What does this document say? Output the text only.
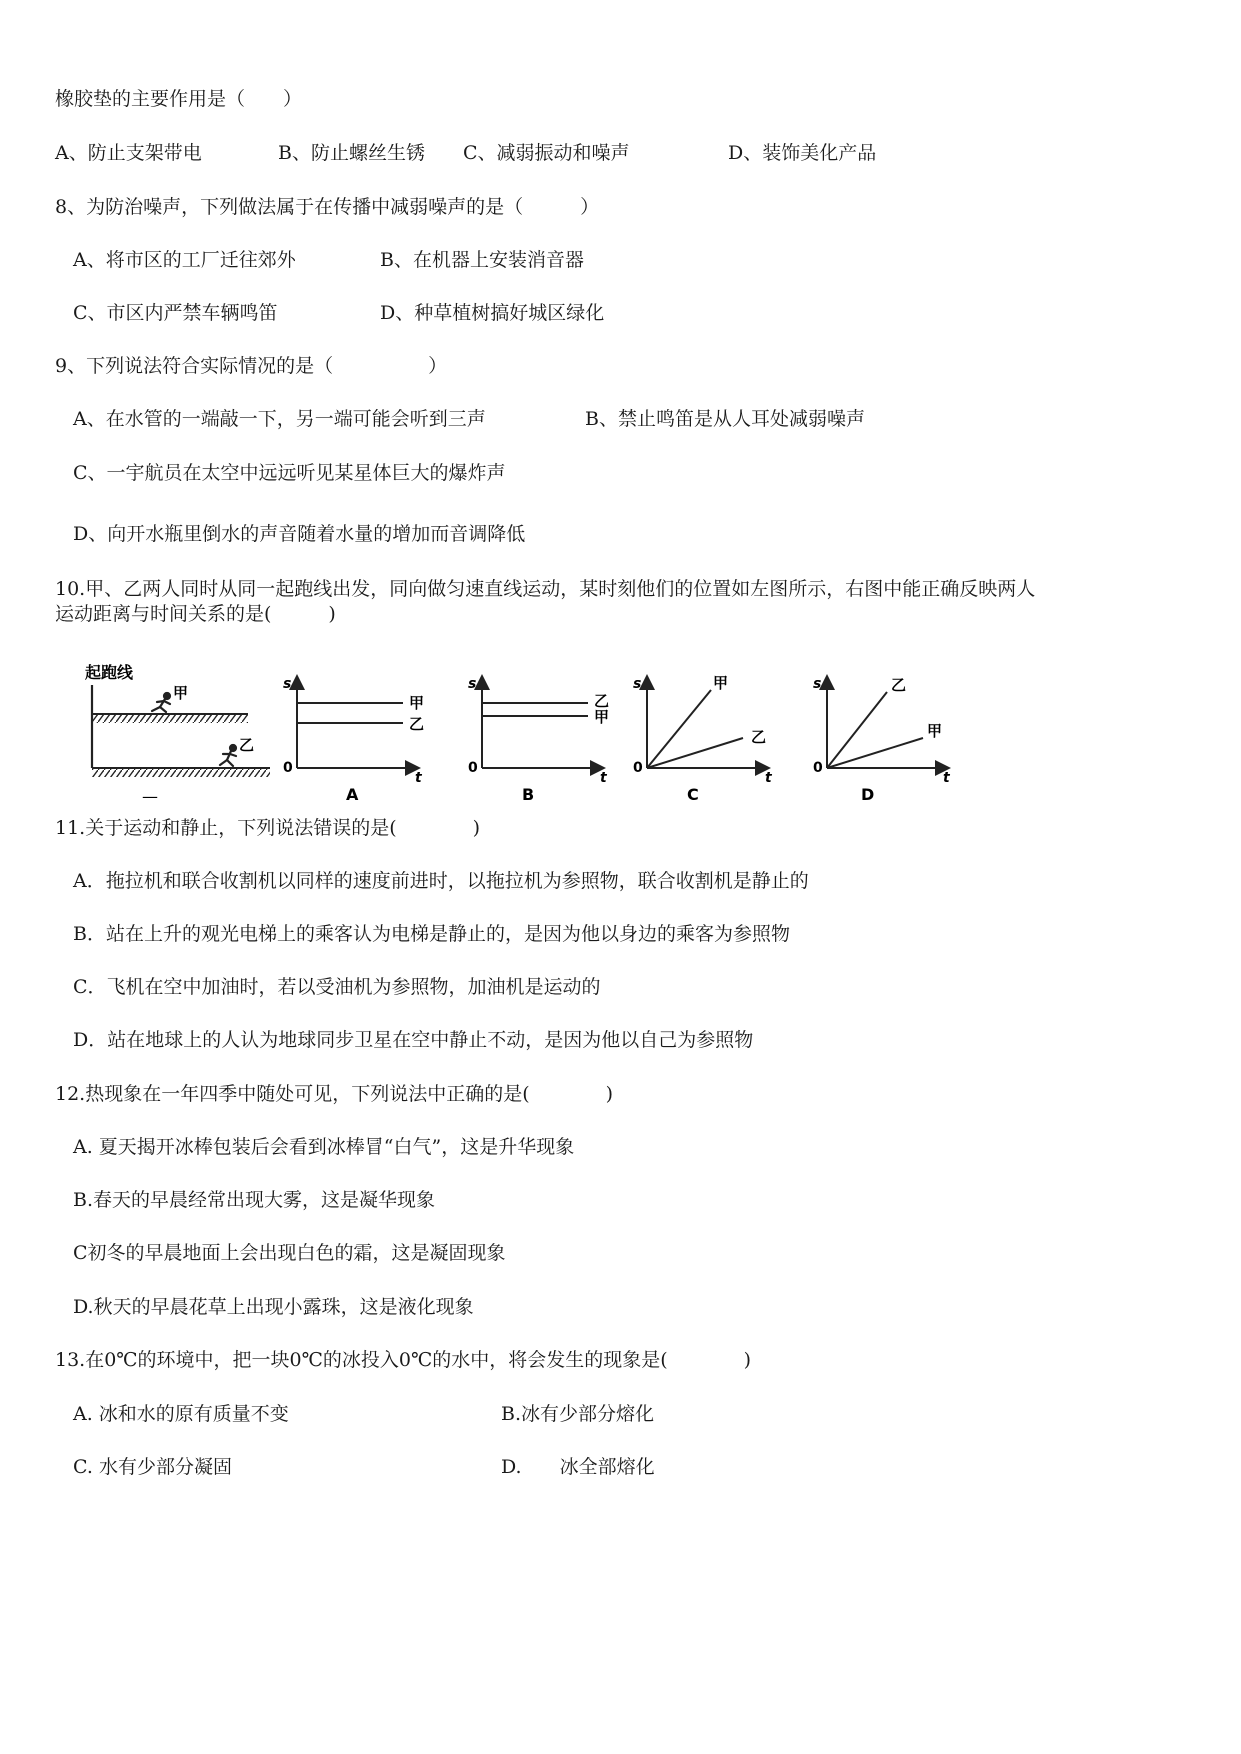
橡胶垫的主要作用是（　　）
A、防止支架带电	B、防止螺丝生锈 C、减弱振动和噪声	D、装饰美化产品
8、为防治噪声，下列做法属于在传播中减弱噪声的是（　　　）
A、将市区的工厂迁往郊外	B、在机器上安装消音器
C、市区内严禁车辆鸣笛	D、种草植树搞好城区绿化
9、下列说法符合实际情况的是（　　　　　）
A、在水管的一端敲一下，另一端可能会听到三声	B、禁止鸣笛是从人耳处减弱噪声
C、一宇航员在太空中远远听见某星体巨大的爆炸声
D、向开水瓶里倒水的声音随着水量的增加而音调降低
10.甲、乙两人同时从同一起跑线出发，同向做匀速直线运动，某时刻他们的位置如左图所示，右图中能正确反映两人
运动距离与时间关系的是(　　　)
起跑线
甲
乙
—
s
t
0
甲
乙
A
s
t
0
乙
甲
B
s
t
0
甲
乙
C
s
t
0
乙
甲
D
11.关于运动和静止，下列说法错误的是(　　　　)
A．拖拉机和联合收割机以同样的速度前进时，以拖拉机为参照物，联合收割机是静止的
B．站在上升的观光电梯上的乘客认为电梯是静止的，是因为他以身边的乘客为参照物
C．飞机在空中加油时，若以受油机为参照物，加油机是运动的
D．站在地球上的人认为地球同步卫星在空中静止不动，是因为他以自己为参照物
12.热现象在一年四季中随处可见，下列说法中正确的是(　　　　)
A. 夏天揭开冰棒包装后会看到冰棒冒“白气”，这是升华现象
B.春天的早晨经常出现大雾，这是凝华现象
C初冬的早晨地面上会出现白色的霜，这是凝固现象
D.秋天的早晨花草上出现小露珠，这是液化现象
13.在0℃的环境中，把一块0℃的冰投入0℃的水中，将会发生的现象是(　　　　)
A. 冰和水的原有质量不变	B.冰有少部分熔化
C. 水有少部分凝固	D.　　冰全部熔化
